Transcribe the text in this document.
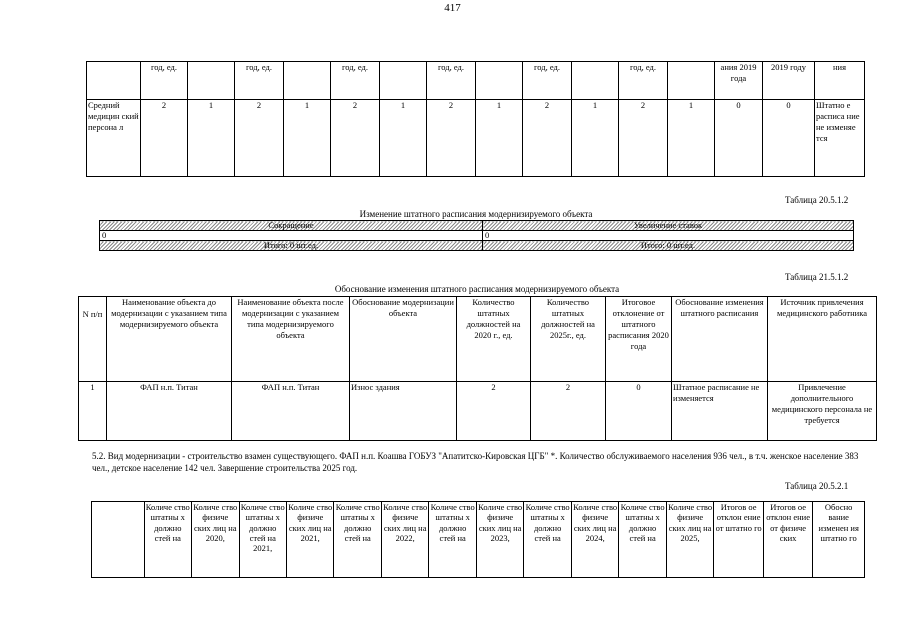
417
	год, ед.		год, ед.		год, ед.		год, ед.		год, ед.		год, ед.		ания 2019 года	2019 году	ния
Средний медицин ский персона л	2	1	2	1	2	1	2	1	2	1	2	1	0	0	Штатно е расписа ние не изменяе тся
Таблица 20.5.1.2
Изменение штатного расписания модернизируемого объекта
Сокращение	Увеличение ставок
0	0
Итого: 0 шт.ед.	Итого: 0 шт.ед.
Таблица 21.5.1.2
Обоснование изменения штатного расписания модернизируемого объекта
N п/п	Наименование объекта до модернизации с указанием типа модернизируемого объекта	Наименование объекта после модернизации с указанием типа модернизируемого объекта	Обоснование модернизации объекта	Количество штатных должностей на 2020 г., ед.	Количество штатных должностей на 2025г., ед.	Итоговое отклонение от штатного расписания 2020 года	Обоснование изменения штатного расписания	Источник привлечения медицинского работника
1	ФАП н.п. Титан	ФАП н.п. Титан	Износ здания	2	2	0	Штатное расписание не изменяется	Привлечение дополнительного медицинского персонала не требуется
5.2. Вид модернизации - строительство взамен существующего. ФАП н.п. Коашва ГОБУЗ "Апатитско-Кировская ЦГБ" *. Количество обслуживаемого населения 936 чел., в т.ч. женское население 383 чел., детское население 142 чел. Завершение строительства 2025 год.
Таблица 20.5.2.1
	Количе ство штатны х должно стей на	Количе ство физиче ских лиц на 2020,	Количе ство штатны х должно стей на 2021,	Количе ство физиче ских лиц на 2021,	Количе ство штатны х должно стей на	Количе ство физиче ских лиц на 2022,	Количе ство штатны х должно стей на	Количе ство физиче ских лиц на 2023,	Количе ство штатны х должно стей на	Количе ство физиче ских лиц на 2024,	Количе ство штатны х должно стей на	Количе ство физиче ских лиц на 2025,	Итогов ое отклон ение от штатно го	Итогов ое отклон ение от физиче ских	Обосно вание изменен ия штатно го
